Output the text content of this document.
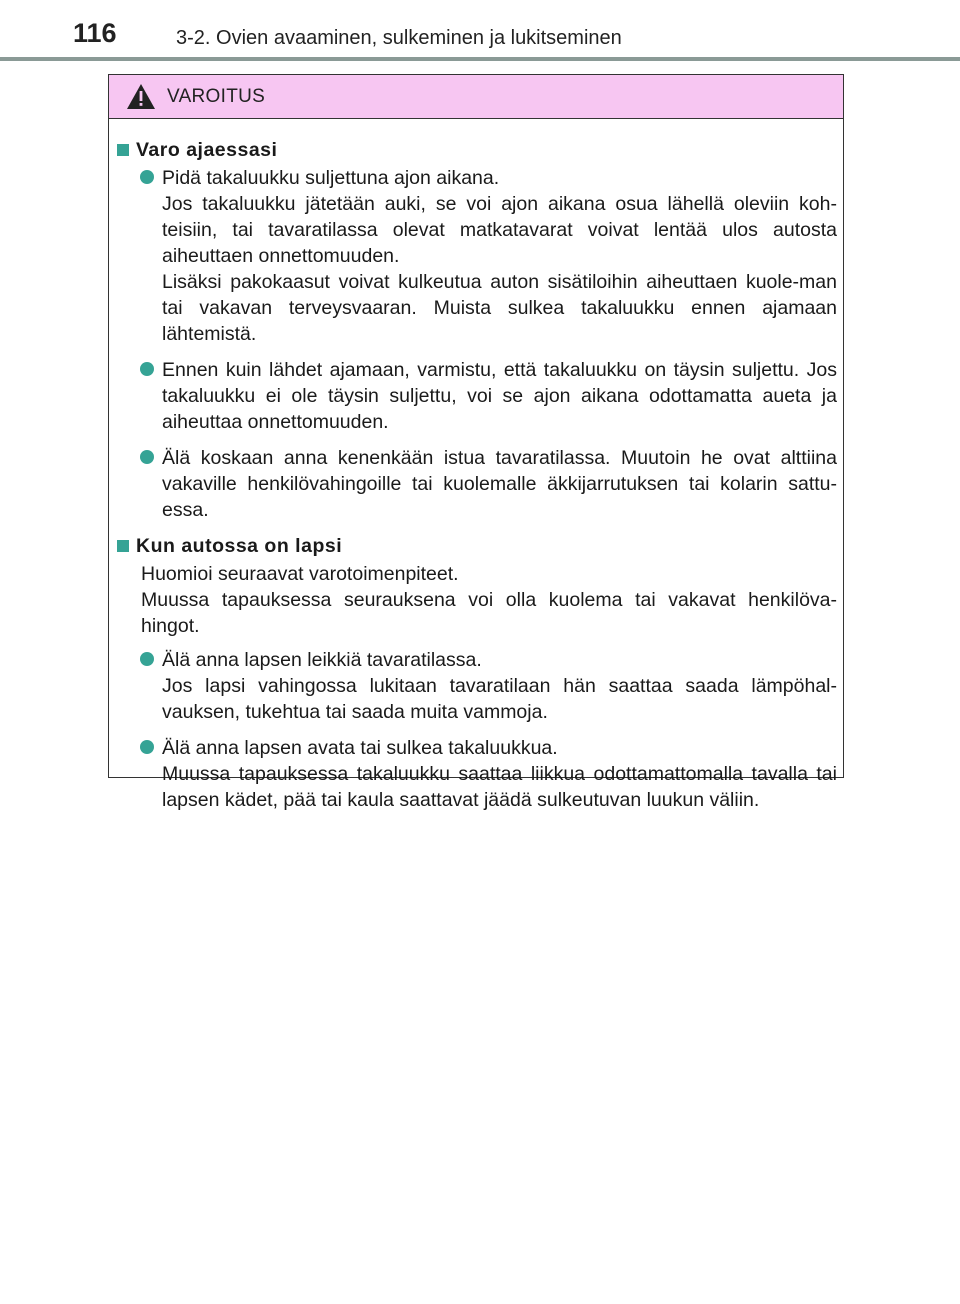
116	3-2. Ovien avaaminen, sulkeminen ja lukitseminen
VAROITUS
Varo ajaessasi
Pidä takaluukku suljettuna ajon aikana.
Jos takaluukku jätetään auki, se voi ajon aikana osua lähellä oleviin koh-teisiin, tai tavaratilassa olevat matkatavarat voivat lentää ulos autosta aiheuttaen onnettomuuden.
Lisäksi pakokaasut voivat kulkeutua auton sisätiloihin aiheuttaen kuole-man tai vakavan terveysvaaran. Muista sulkea takaluukku ennen ajamaan lähtemistä.
Ennen kuin lähdet ajamaan, varmistu, että takaluukku on täysin suljettu. Jos takaluukku ei ole täysin suljettu, voi se ajon aikana odottamatta aueta ja aiheuttaa onnettomuuden.
Älä koskaan anna kenenkään istua tavaratilassa. Muutoin he ovat alttiina vakaville henkilövahingoille tai kuolemalle äkkijarrutuksen tai kolarin sattu-essa.
Kun autossa on lapsi
Huomioi seuraavat varotoimenpiteet.
Muussa tapauksessa seurauksena voi olla kuolema tai vakavat henkilöva-hingot.
Älä anna lapsen leikkiä tavaratilassa.
Jos lapsi vahingossa lukitaan tavaratilaan hän saattaa saada lämpöhal-vauksen, tukehtua tai saada muita vammoja.
Älä anna lapsen avata tai sulkea takaluukkua.
Muussa tapauksessa takaluukku saattaa liikkua odottamattomalla tavalla tai lapsen kädet, pää tai kaula saattavat jäädä sulkeutuvan luukun väliin.
